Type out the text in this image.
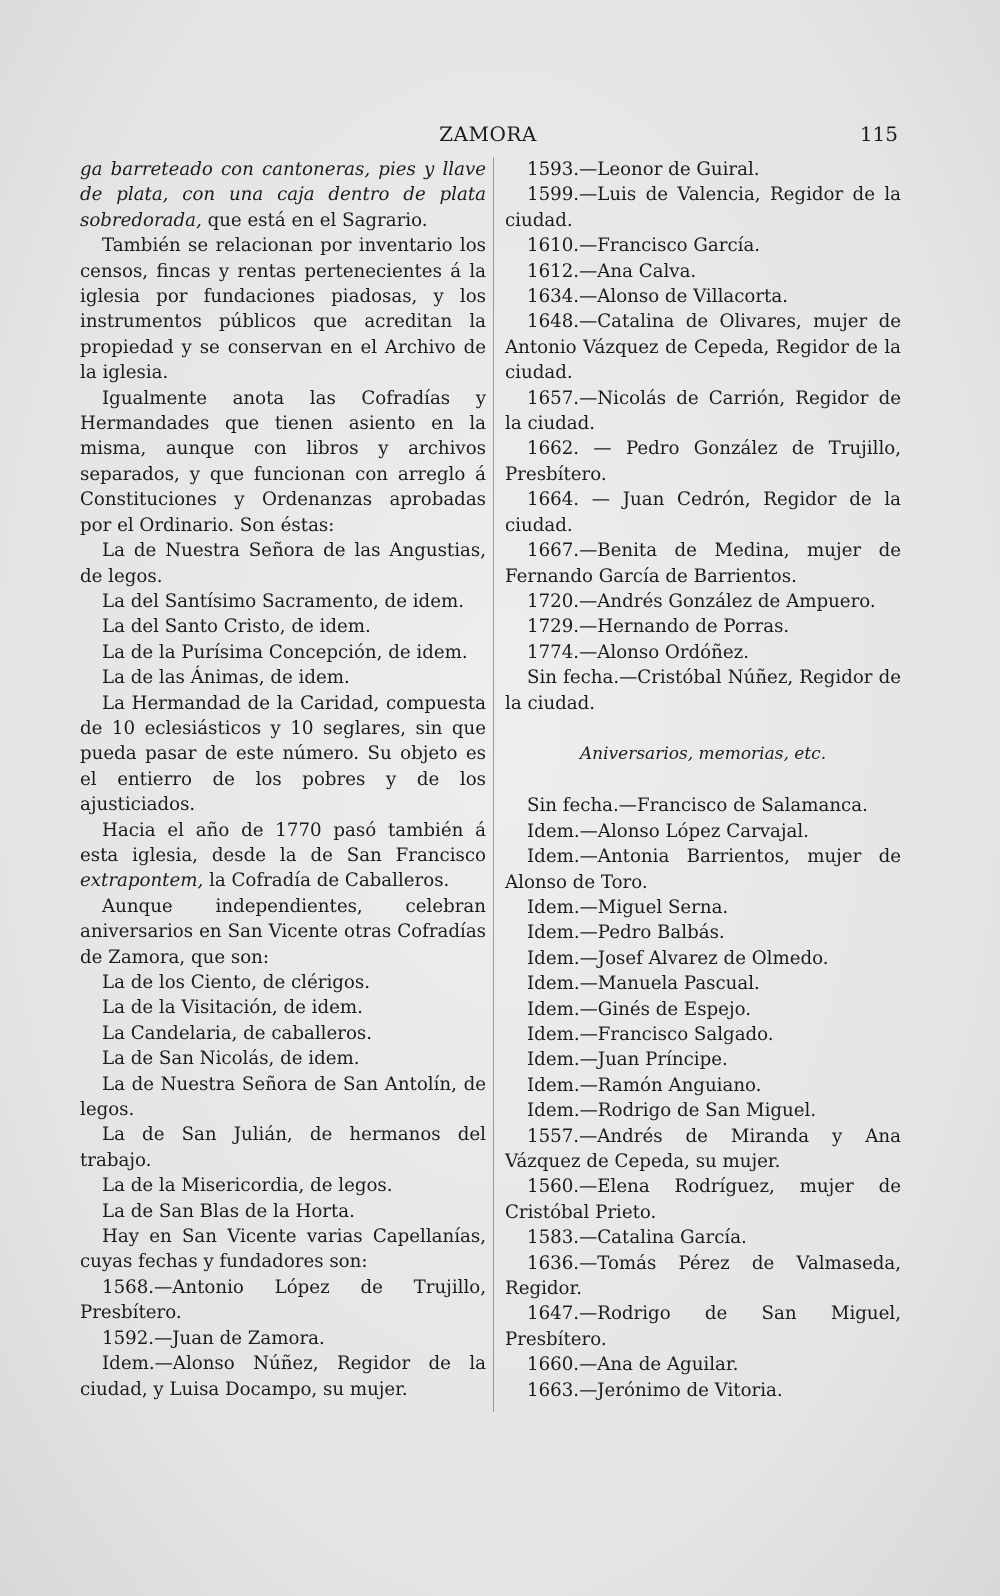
ZAMORA	115

ga barreteado con cantoneras, pies y llave de plata, con una caja dentro de plata sobredorada, que está en el Sagrario.

También se relacionan por inventario los censos, fincas y rentas pertenecientes á la iglesia por fundaciones piadosas, y los instrumentos públicos que acreditan la propiedad y se conservan en el Archivo de la iglesia.

Igualmente anota las Cofradías y Hermandades que tienen asiento en la misma, aunque con libros y archivos separados, y que funcionan con arreglo á Constituciones y Ordenanzas aprobadas por el Ordinario. Son éstas:

La de Nuestra Señora de las Angustias, de legos.

La del Santísimo Sacramento, de idem.

La del Santo Cristo, de idem.

La de la Purísima Concepción, de idem.

La de las Ánimas, de idem.

La Hermandad de la Caridad, compuesta de 10 eclesiásticos y 10 seglares, sin que pueda pasar de este número. Su objeto es el entierro de los pobres y de los ajusticiados.

Hacia el año de 1770 pasó también á esta iglesia, desde la de San Francisco extrapontem, la Cofradía de Caballeros.

Aunque independientes, celebran aniversarios en San Vicente otras Cofradías de Zamora, que son:

La de los Ciento, de clérigos.

La de la Visitación, de idem.

La Candelaria, de caballeros.

La de San Nicolás, de idem.

La de Nuestra Señora de San Antolín, de legos.

La de San Julián, de hermanos del trabajo.

La de la Misericordia, de legos.

La de San Blas de la Horta.

Hay en San Vicente varias Capellanías, cuyas fechas y fundadores son:

1568.—Antonio López de Trujillo, Presbítero.

1592.—Juan de Zamora.

Idem.—Alonso Núñez, Regidor de la ciudad, y Luisa Docampo, su mujer.

1593.—Leonor de Guiral.

1599.—Luis de Valencia, Regidor de la ciudad.

1610.—Francisco García.

1612.—Ana Calva.

1634.—Alonso de Villacorta.

1648.—Catalina de Olivares, mujer de Antonio Vázquez de Cepeda, Regidor de la ciudad.

1657.—Nicolás de Carrión, Regidor de la ciudad.

1662. — Pedro González de Trujillo, Presbítero.

1664. — Juan Cedrón, Regidor de la ciudad.

1667.—Benita de Medina, mujer de Fernando García de Barrientos.

1720.—Andrés González de Ampuero.

1729.—Hernando de Porras.

1774.—Alonso Ordóñez.

Sin fecha.—Cristóbal Núñez, Regidor de la ciudad.

Aniversarios, memorias, etc.

Sin fecha.—Francisco de Salamanca.

Idem.—Alonso López Carvajal.

Idem.—Antonia Barrientos, mujer de Alonso de Toro.

Idem.—Miguel Serna.

Idem.—Pedro Balbás.

Idem.—Josef Alvarez de Olmedo.

Idem.—Manuela Pascual.

Idem.—Ginés de Espejo.

Idem.—Francisco Salgado.

Idem.—Juan Príncipe.

Idem.—Ramón Anguiano.

Idem.—Rodrigo de San Miguel.

1557.—Andrés de Miranda y Ana Vázquez de Cepeda, su mujer.

1560.—Elena Rodríguez, mujer de Cristóbal Prieto.

1583.—Catalina García.

1636.—Tomás Pérez de Valmaseda, Regidor.

1647.—Rodrigo de San Miguel, Presbítero.

1660.—Ana de Aguilar.

1663.—Jerónimo de Vitoria.
